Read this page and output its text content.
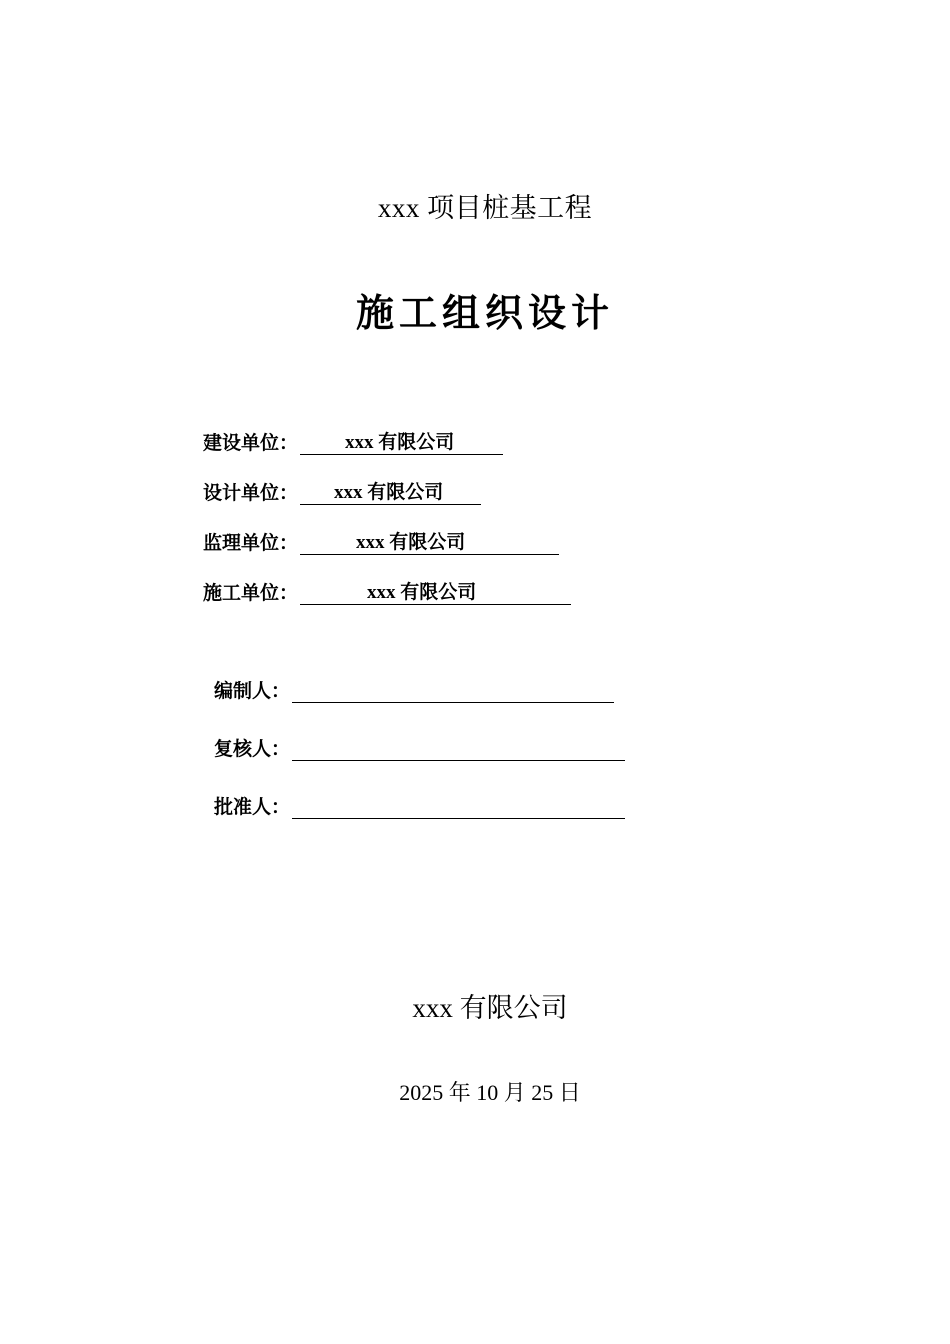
xxx 项目桩基工程
施工组织设计
建设单位： xxx 有限公司
设计单位： xxx 有限公司
监理单位：	xxx 有限公司
施工单位：	xxx 有限公司
编制人：
复核人：
批准人：
xxx 有限公司
2025 年 10 月 25 日
